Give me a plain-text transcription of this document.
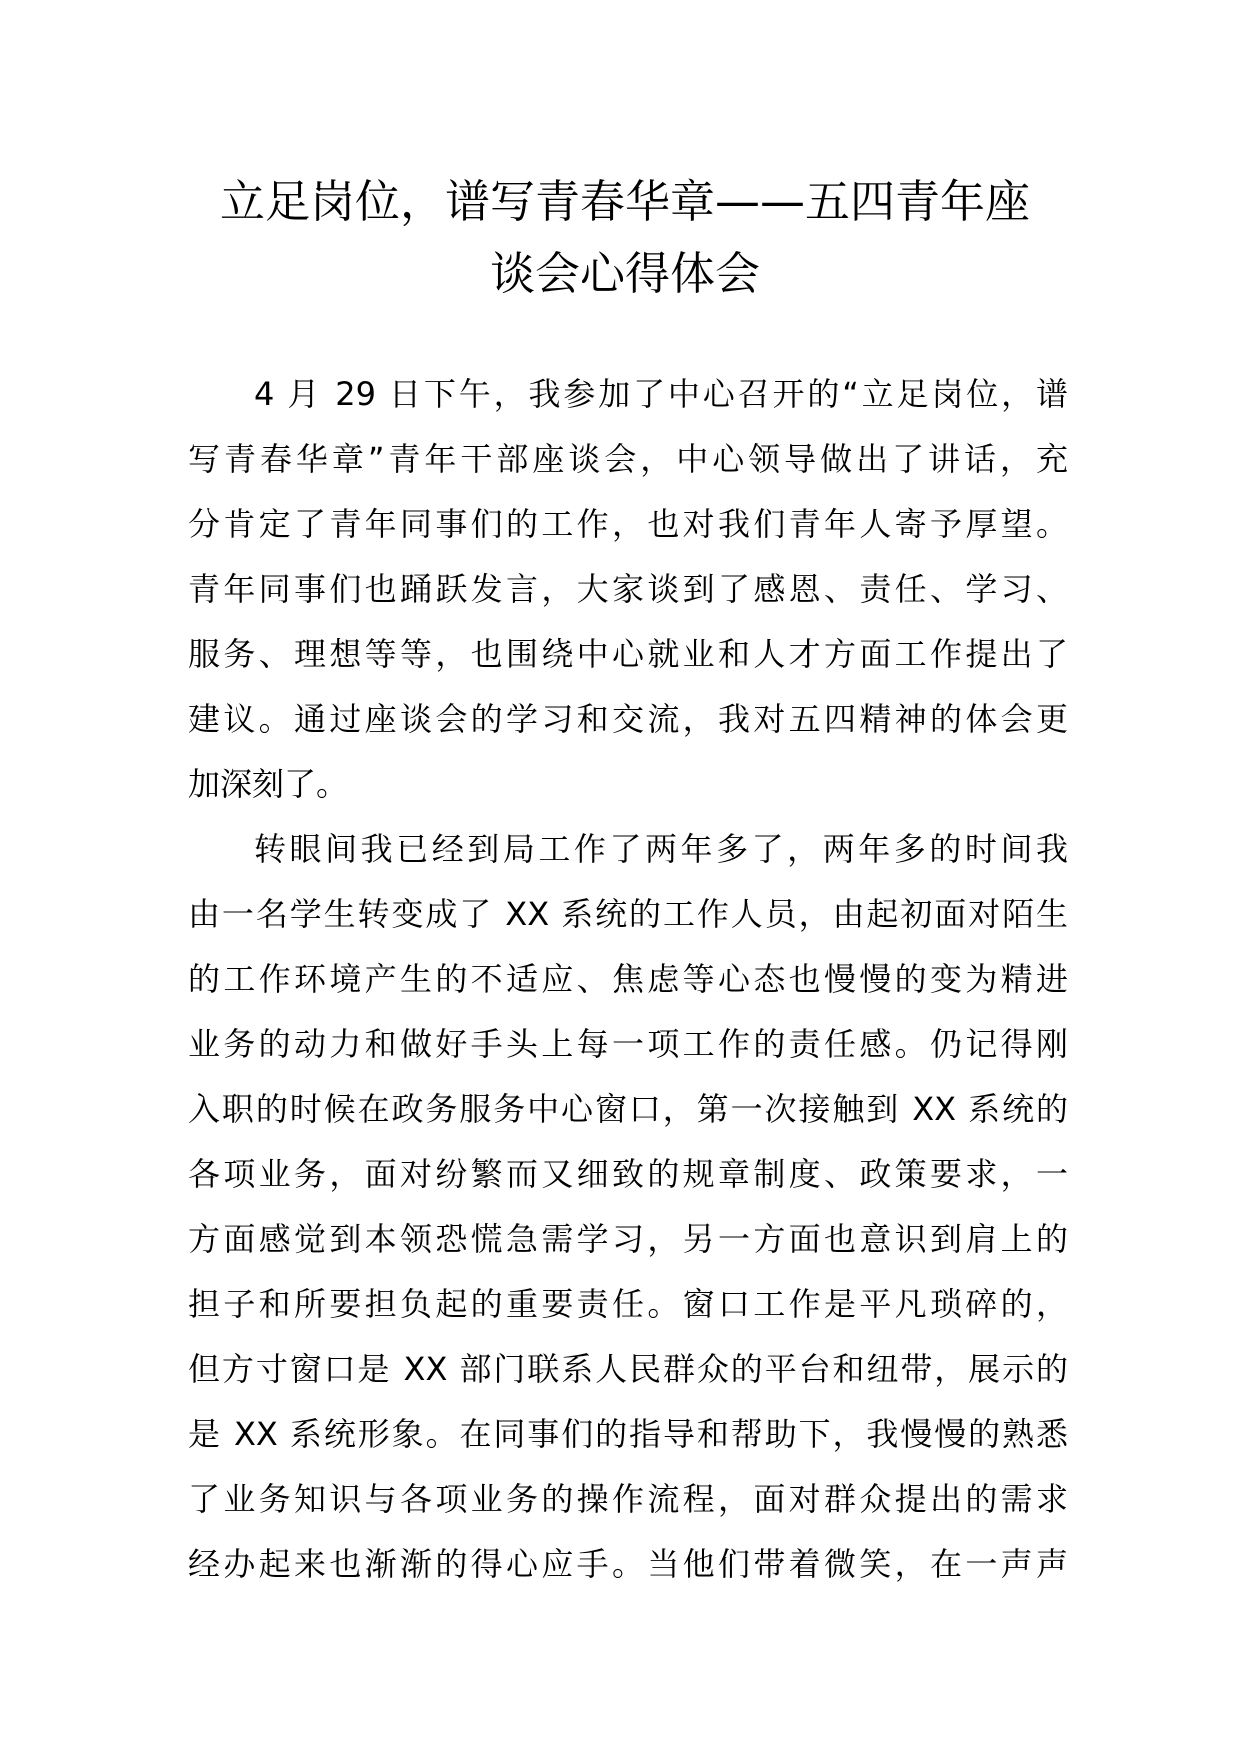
立足岗位，谱写青春华章——五四青年座
谈会心得体会
4 月 29 日下午，我参加了中心召开的“立足岗位，谱
写青春华章”青年干部座谈会，中心领导做出了讲话，充
分肯定了青年同事们的工作，也对我们青年人寄予厚望。
青年同事们也踊跃发言，大家谈到了感恩、责任、学习、
服务、理想等等，也围绕中心就业和人才方面工作提出了
建议。通过座谈会的学习和交流，我对五四精神的体会更
加深刻了。
转眼间我已经到局工作了两年多了，两年多的时间我
由一名学生转变成了 XX 系统的工作人员，由起初面对陌生
的工作环境产生的不适应、焦虑等心态也慢慢的变为精进
业务的动力和做好手头上每一项工作的责任感。仍记得刚
入职的时候在政务服务中心窗口，第一次接触到 XX 系统的
各项业务，面对纷繁而又细致的规章制度、政策要求，一
方面感觉到本领恐慌急需学习，另一方面也意识到肩上的
担子和所要担负起的重要责任。窗口工作是平凡琐碎的，
但方寸窗口是 XX 部门联系人民群众的平台和纽带，展示的
是 XX 系统形象。在同事们的指导和帮助下，我慢慢的熟悉
了业务知识与各项业务的操作流程，面对群众提出的需求
经办起来也渐渐的得心应手。当他们带着微笑，在一声声
